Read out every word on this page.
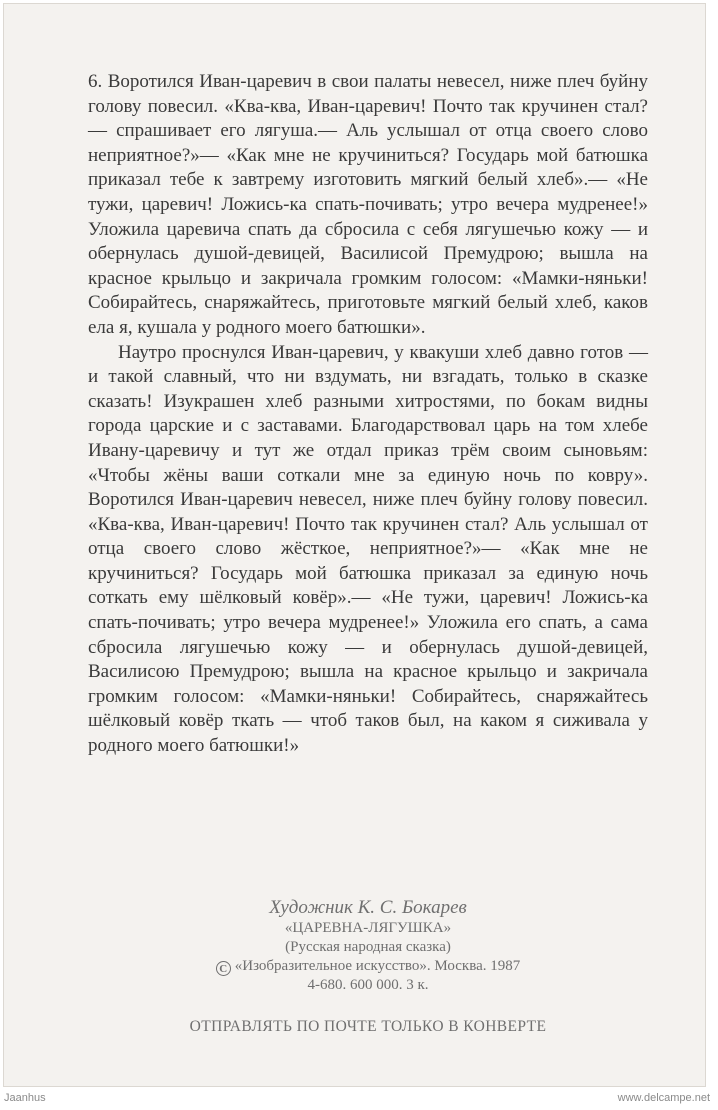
6. Воротился Иван-царевич в свои палаты невесел, ниже плеч буйну голову повесил. «Ква-ква, Иван-царевич! Почто так кручинен стал?— спрашивает его лягуша.— Аль услышал от отца своего слово неприятное?»— «Как мне не кручиниться? Государь мой батюшка приказал тебе к завтрему изготовить мягкий белый хлеб».— «Не тужи, царевич! Ложись-ка спать-почивать; утро вечера мудренее!» Уложила царевича спать да сбросила с себя лягушечью кожу — и обернулась душой-девицей, Василисой Премудрою; вышла на красное крыльцо и закричала громким голосом: «Мамки-няньки! Собирайтесь, снаряжайтесь, приготовьте мягкий белый хлеб, каков ела я, кушала у родного моего батюшки».

Наутро проснулся Иван-царевич, у квакуши хлеб давно готов — и такой славный, что ни вздумать, ни взгадать, только в сказке сказать! Изукрашен хлеб разными хитростями, по бокам видны города царские и с заставами. Благодарствовал царь на том хлебе Ивану-царевичу и тут же отдал приказ трём своим сыновьям: «Чтобы жёны ваши соткали мне за единую ночь по ковру». Воротился Иван-царевич невесел, ниже плеч буйну голову повесил. «Ква-ква, Иван-царевич! Почто так кручинен стал? Аль услышал от отца своего слово жёсткое, неприятное?»— «Как мне не кручиниться? Государь мой батюшка приказал за единую ночь соткать ему шёлковый ковёр».— «Не тужи, царевич! Ложись-ка спать-почивать; утро вечера мудренее!» Уложила его спать, а сама сбросила лягушечью кожу — и обернулась душой-девицей, Василисою Премудрою; вышла на красное крыльцо и закричала громким голосом: «Мамки-няньки! Собирайтесь, снаряжайтесь шёлковый ковёр ткать — чтоб таков был, на каком я сиживала у родного моего батюшки!»

Художник К. С. Бокарев
«ЦАРЕВНА-ЛЯГУШКА»
(Русская народная сказка)
C «Изобразительное искусство». Москва. 1987
4-680. 600 000. 3 к.
ОТПРАВЛЯТЬ ПО ПОЧТЕ ТОЛЬКО В КОНВЕРТЕ
Jaanhus	www.delcampe.net
